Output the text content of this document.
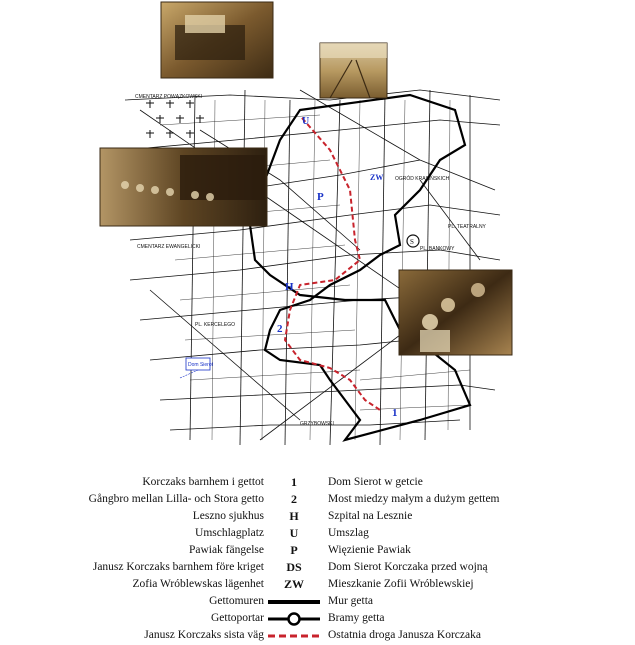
CMENTARZ POWĄZKOWSKI
CMENTARZ EWANGELICKI
OGRÓD KRASIŃSKICH
PL. BANKOWY
PL. TEATRALNY
PL. KERCELEGO
GRZYBOWSKI
Dom Sierot
U
ZW
P
H
2
1
S
Korczaks barnhem i gettot	1	Dom Sierot w getcie
Gångbro mellan Lilla- och Stora getto	2	Most miedzy małym a dużym gettem
Leszno sjukhus	H	Szpital na Lesznie
Umschlagplatz	U	Umszlag
Pawiak fängelse	P	Więzienie Pawiak
Janusz Korczaks barnhem före kriget	DS	Dom Sierot Korczaka przed wojną
Zofia Wróblewskas lägenhet	ZW	Mieszkanie Zofii Wróblewskiej
Gettomuren	Mur getta
Gettoportar	Bramy getta
Janusz Korczaks sista väg	Ostatnia droga Janusza Korczaka
